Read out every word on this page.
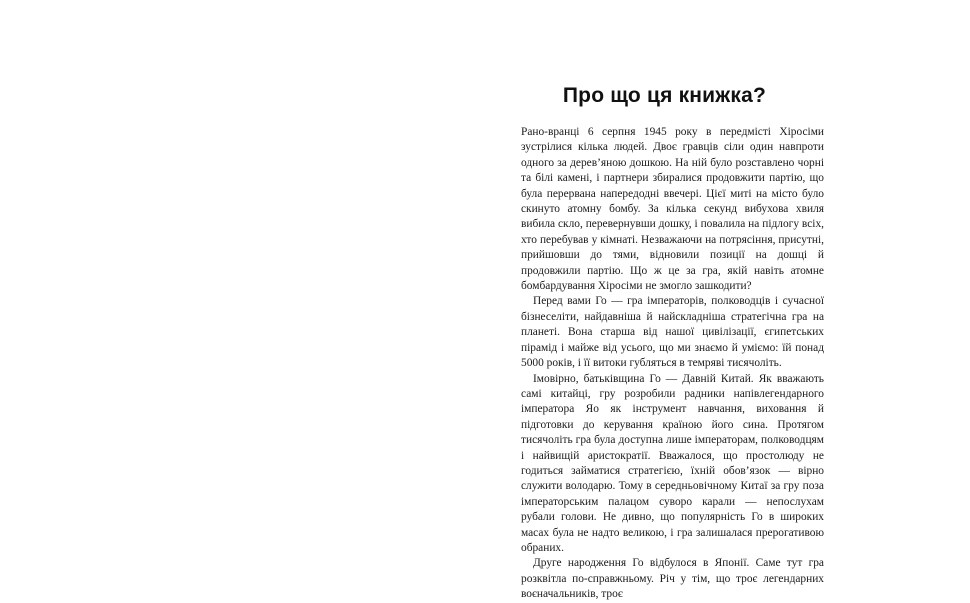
Про що ця книжка?

Рано-вранці 6 серпня 1945 року в передмісті Хіросіми зустрілися кілька людей. Двоє гравців сіли один навпроти одного за дерев’яною дошкою. На ній було розставлено чорні та білі камені, і партнери збиралися продовжити партію, що була перервана напередодні ввечері. Цієї миті на місто було скинуто атомну бомбу. За кілька секунд вибухова хвиля вибила скло, перевернувши дошку, і повалила на підлогу всіх, хто перебував у кімнаті. Незважаючи на потрясіння, присутні, прийшовши до тями, відновили позиції на дошці й продовжили партію. Що ж це за гра, якій навіть атомне бомбардування Хіросіми не змогло зашкодити?

Перед вами Го — гра імператорів, полководців і сучасної бізнеселіти, найдавніша й найскладніша стратегічна гра на планеті. Вона старша від нашої цивілізації, єгипетських пірамід і майже від усього, що ми знаємо й уміємо: їй понад 5000 років, і її витоки губляться в темряві тисячоліть.

Імовірно, батьківщина Го — Давній Китай. Як вважають самі китайці, гру розробили радники напівлегендарного імператора Яо як інструмент навчання, виховання й підготовки до керування країною його сина. Протягом тисячоліть гра була доступна лише імператорам, полководцям і найвищій аристократії. Вважалося, що простолюду не годиться займатися стратегією, їхній обов’язок — вірно служити володарю. Тому в середньовічному Китаї за гру поза імператорським палацом суворо карали — непослухам рубали голови. Не дивно, що популярність Го в широких масах була не надто великою, і гра залишалася прерогативою обраних.

Друге народження Го відбулося в Японії. Саме тут гра розквітла по-справжньому. Річ у тім, що троє легендарних воєначальників, троє
